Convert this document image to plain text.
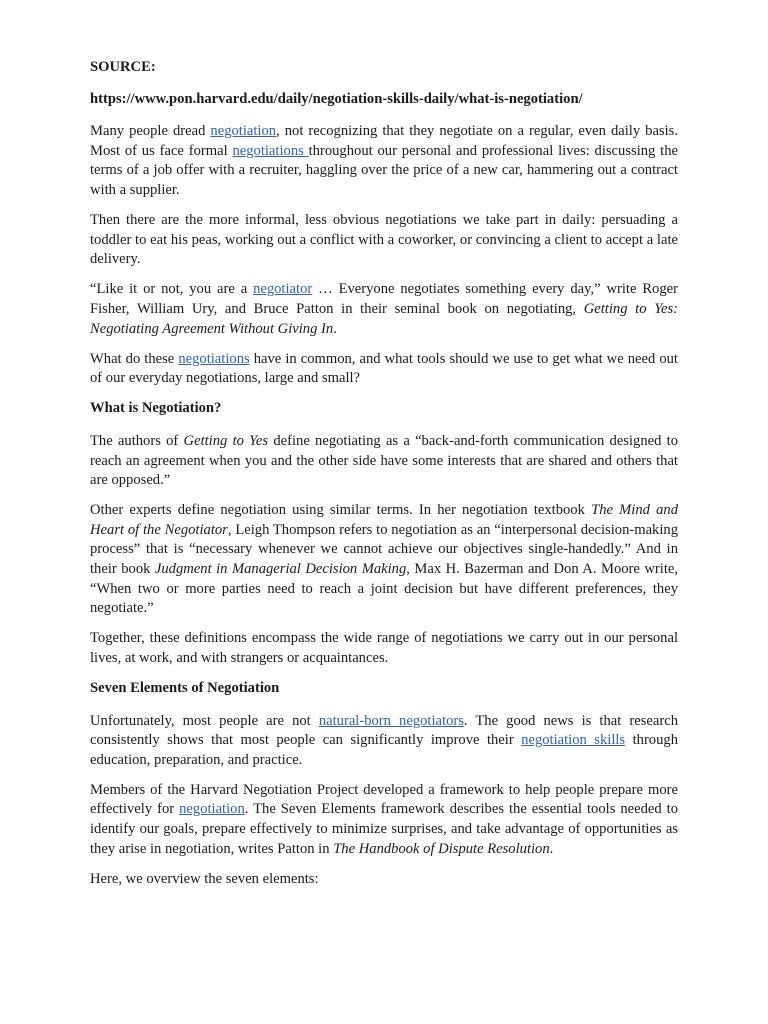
SOURCE:
https://www.pon.harvard.edu/daily/negotiation-skills-daily/what-is-negotiation/
Many people dread negotiation, not recognizing that they negotiate on a regular, even daily basis. Most of us face formal negotiations throughout our personal and professional lives: discussing the terms of a job offer with a recruiter, haggling over the price of a new car, hammering out a contract with a supplier.
Then there are the more informal, less obvious negotiations we take part in daily: persuading a toddler to eat his peas, working out a conflict with a coworker, or convincing a client to accept a late delivery.
“Like it or not, you are a negotiator … Everyone negotiates something every day,” write Roger Fisher, William Ury, and Bruce Patton in their seminal book on negotiating, Getting to Yes: Negotiating Agreement Without Giving In.
What do these negotiations have in common, and what tools should we use to get what we need out of our everyday negotiations, large and small?
What is Negotiation?
The authors of Getting to Yes define negotiating as a “back-and-forth communication designed to reach an agreement when you and the other side have some interests that are shared and others that are opposed.”
Other experts define negotiation using similar terms. In her negotiation textbook The Mind and Heart of the Negotiator, Leigh Thompson refers to negotiation as an “interpersonal decision-making process” that is “necessary whenever we cannot achieve our objectives single-handedly.” And in their book Judgment in Managerial Decision Making, Max H. Bazerman and Don A. Moore write, “When two or more parties need to reach a joint decision but have different preferences, they negotiate.”
Together, these definitions encompass the wide range of negotiations we carry out in our personal lives, at work, and with strangers or acquaintances.
Seven Elements of Negotiation
Unfortunately, most people are not natural-born negotiators. The good news is that research consistently shows that most people can significantly improve their negotiation skills through education, preparation, and practice.
Members of the Harvard Negotiation Project developed a framework to help people prepare more effectively for negotiation. The Seven Elements framework describes the essential tools needed to identify our goals, prepare effectively to minimize surprises, and take advantage of opportunities as they arise in negotiation, writes Patton in The Handbook of Dispute Resolution.
Here, we overview the seven elements:
